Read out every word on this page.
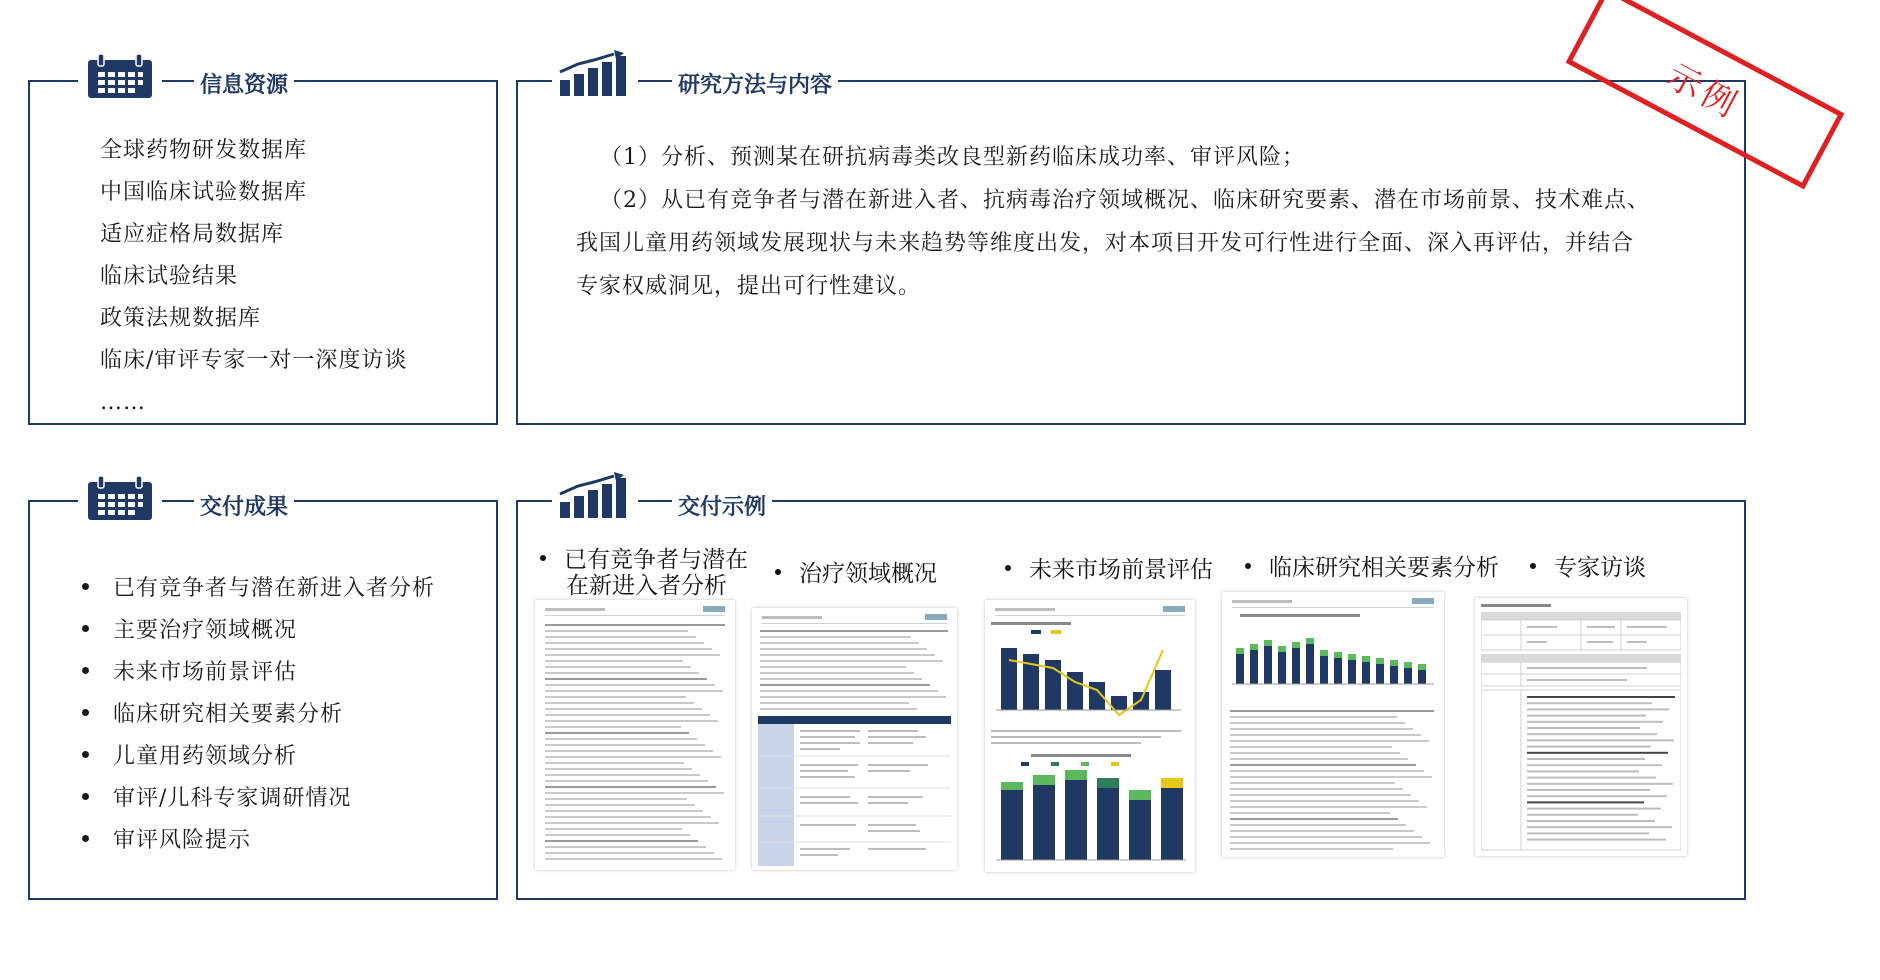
信息资源
全球药物研发数据库
中国临床试验数据库
适应症格局数据库
临床试验结果
政策法规数据库
临床/审评专家一对一深度访谈
……
研究方法与内容

（1）分析、预测某在研抗病毒类改良型新药临床成功率、审评风险；

（2）从已有竞争者与潜在新进入者、抗病毒治疗领域概况、临床研究要素、潜在市场前景、技术难点、

我国儿童用药领域发展现状与未来趋势等维度出发，对本项目开发可行性进行全面、深入再评估，并结合

专家权威洞见，提出可行性建议。

示例
交付成果
已有竞争者与潜在新进入者分析
主要治疗领域概况
未来市场前景评估
临床研究相关要素分析
儿童用药领域分析
审评/儿科专家调研情况
审评风险提示
交付示例
已有竞争者与潜在
在新进入者分析	治疗领域概况	未来市场前景评估	临床研究相关要素分析	专家访谈
